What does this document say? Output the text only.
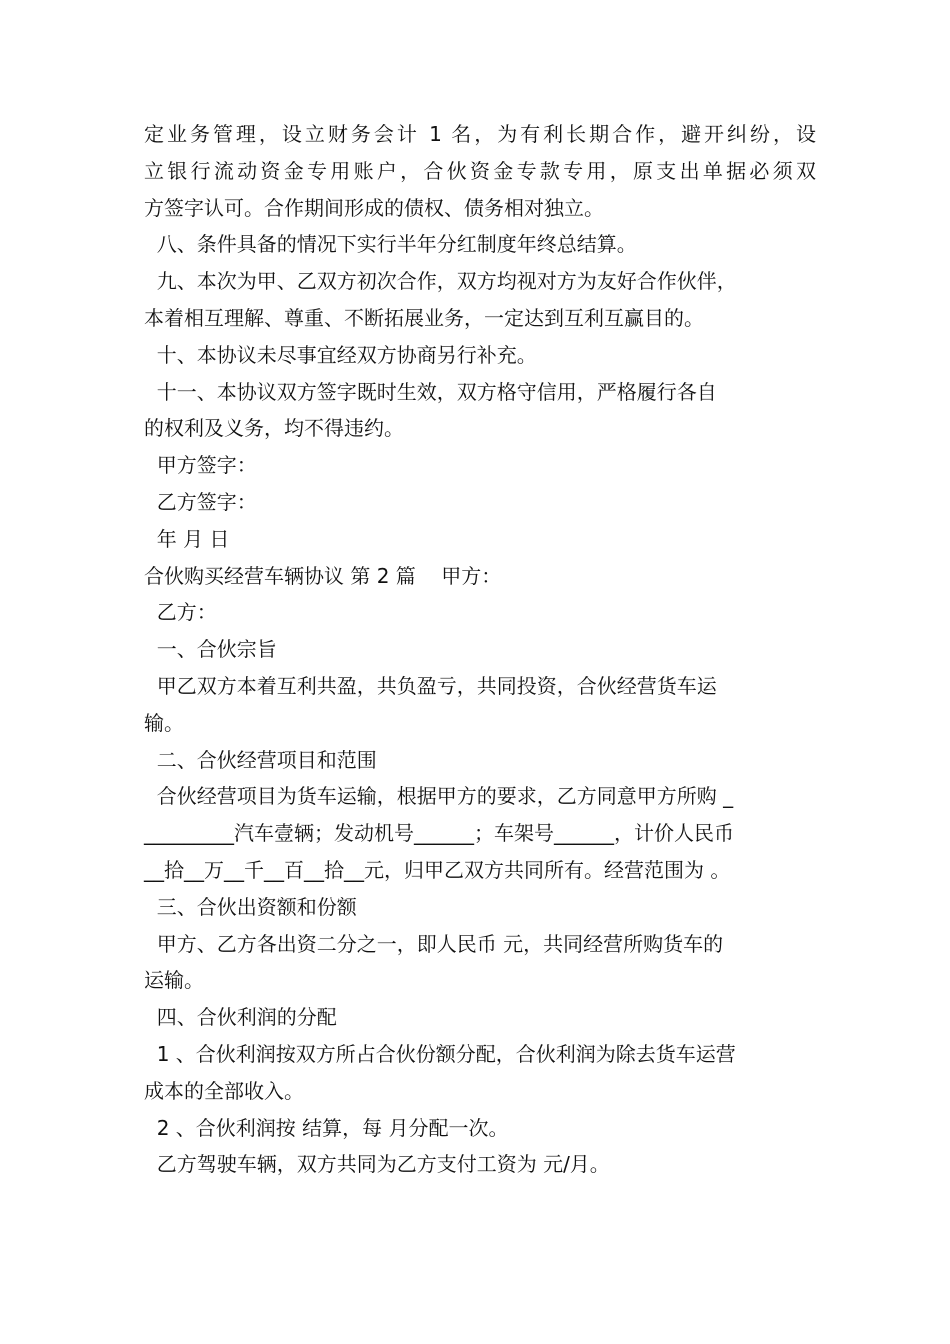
定业务管理，设立财务会计 1 名，为有利长期合作，避开纠纷，设
立银行流动资金专用账户，合伙资金专款专用，原支出单据必须双
方签字认可。合作期间形成的债权、债务相对独立。
八、条件具备的情况下实行半年分红制度年终总结算。
九、本次为甲、乙双方初次合作，双方均视对方为友好合作伙伴，
本着相互理解、尊重、不断拓展业务，一定达到互利互赢目的。
十、本协议未尽事宜经双方协商另行补充。
十一、本协议双方签字既时生效，双方格守信用，严格履行各自
的权利及义务，均不得违约。
甲方签字：
乙方签字：
年 月 日
合伙购买经营车辆协议 第 2 篇    甲方：
乙方：
一、合伙宗旨
甲乙双方本着互利共盈，共负盈亏，共同投资，合伙经营货车运
输。
二、合伙经营项目和范围
合伙经营项目为货车运输，根据甲方的要求，乙方同意甲方所购 _
_________汽车壹辆；发动机号______；车架号______，计价人民币
__拾__万__千__百__拾__元，归甲乙双方共同所有。经营范围为 。
三、合伙出资额和份额
甲方、乙方各出资二分之一，即人民币 元，共同经营所购货车的
运输。
四、合伙利润的分配
1 、合伙利润按双方所占合伙份额分配，合伙利润为除去货车运营
成本的全部收入。
2 、合伙利润按 结算，每 月分配一次。
乙方驾驶车辆，双方共同为乙方支付工资为 元/月。
